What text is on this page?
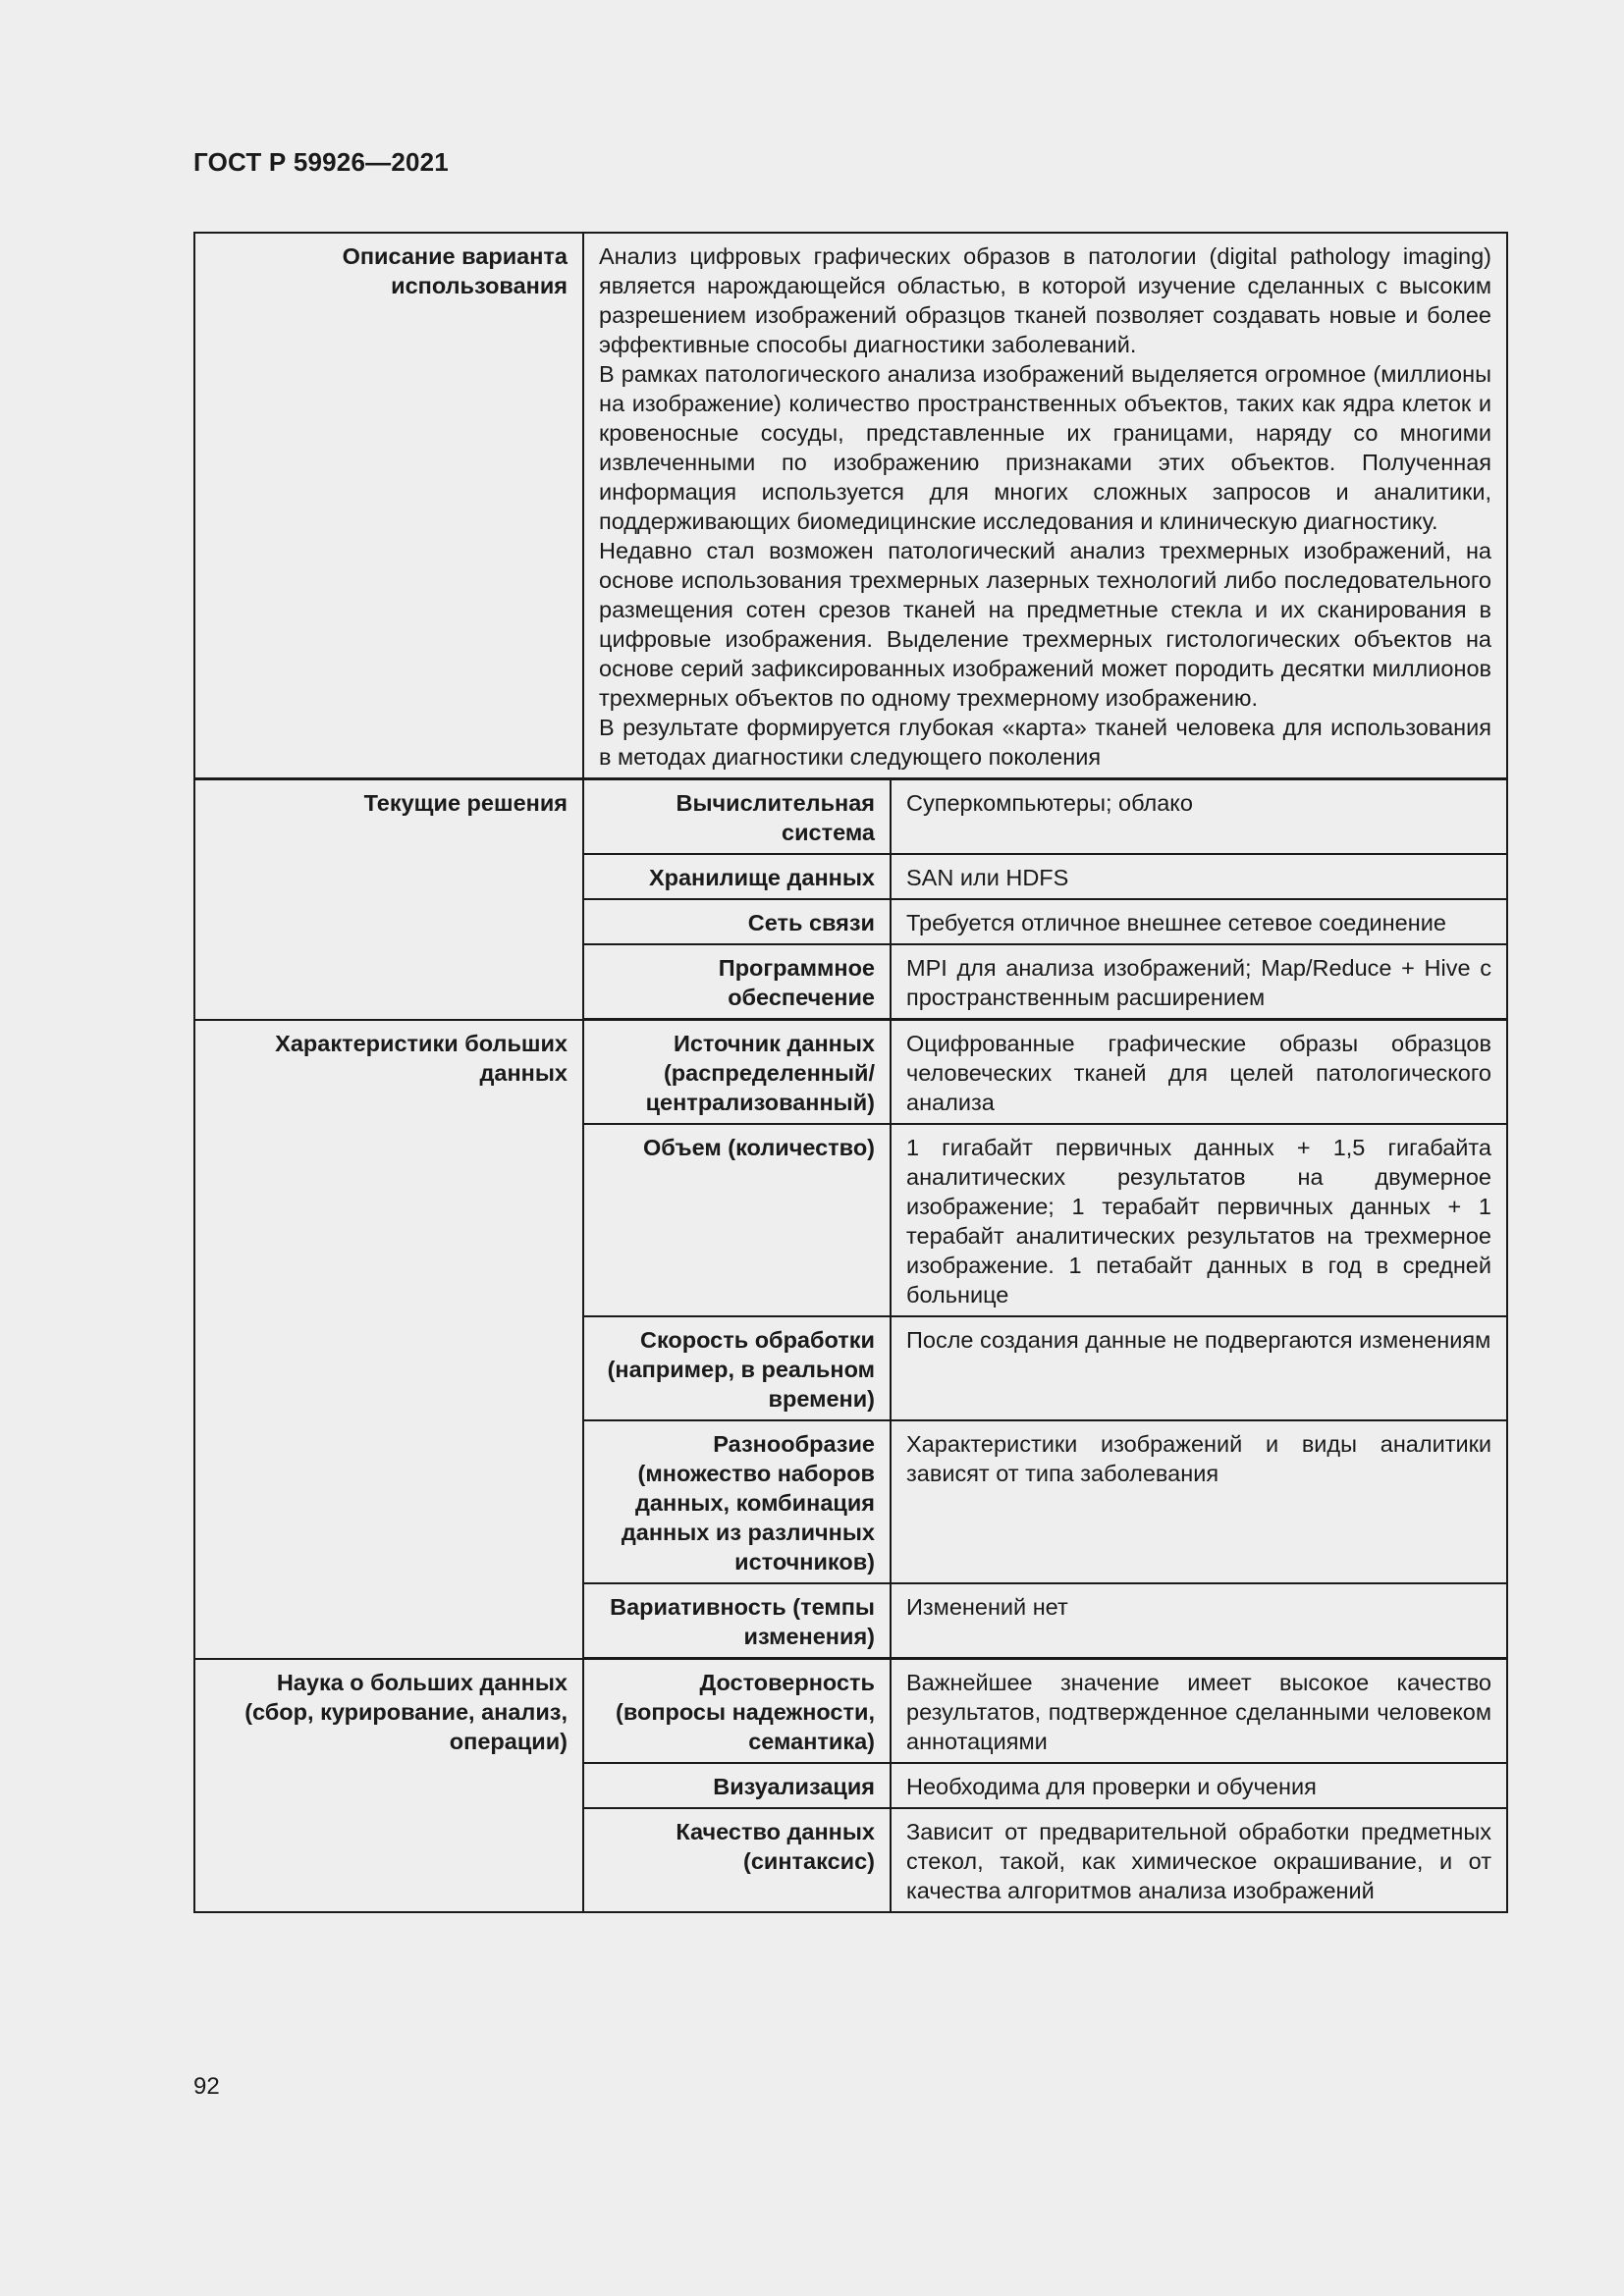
ГОСТ Р 59926—2021
Описание варианта использования	Анализ цифровых графических образов в патологии (digital pathology imaging) является нарождающейся областью, в которой изучение сделанных с высоким разрешением изображений образцов тканей позволяет создавать новые и более эффективные способы диагностики заболеваний.
В рамках патологического анализа изображений выделяется огромное (миллионы на изображение) количество пространственных объектов, таких как ядра клеток и кровеносные сосуды, представленные их границами, наряду со многими извлеченными по изображению признаками этих объектов. Полученная информация используется для многих сложных запросов и аналитики, поддерживающих биомедицинские исследования и клиническую диагностику.
Недавно стал возможен патологический анализ трехмерных изображений, на основе использования трехмерных лазерных технологий либо последовательного размещения сотен срезов тканей на предметные стекла и их сканирования в цифровые изображения. Выделение трехмерных гистологических объектов на основе серий зафиксированных изображений может породить десятки миллионов трехмерных объектов по одному трехмерному изображению.
В результате формируется глубокая «карта» тканей человека для использования в методах диагностики следующего поколения	

Текущие решения	Вычислительная система	Суперкомпьютеры; облако
	Хранилище данных	SAN или HDFS
	Сеть связи	Требуется отличное внешнее сетевое соединение
	Программное обеспечение	MPI для анализа изображений; Map/Reduce + Hive с пространственным расширением
Характеристики больших данных	Источник данных (распределенный/ централизованный)	Оцифрованные графические образы образцов человеческих тканей для целей патологического анализа
	Объем (количество)	1 гигабайт первичных данных + 1,5 гигабайта аналитических результатов на двумерное изображение; 1 терабайт первичных данных + 1 терабайт аналитических результатов на трехмерное изображение. 1 петабайт данных в год в средней больнице
	Скорость обработки (например, в реальном времени)	После создания данные не подвергаются изменениям
	Разнообразие (множество наборов данных, комбинация данных из различных источников)	Характеристики изображений и виды аналитики зависят от типа заболевания
	Вариативность (темпы изменения)	Изменений нет
Наука о больших данных (сбор, курирование, анализ, операции)	Достоверность (вопросы надежности, семантика)	Важнейшее значение имеет высокое качество результатов, подтвержденное сделанными человеком аннотациями
	Визуализация	Необходима для проверки и обучения
	Качество данных (синтаксис)	Зависит от предварительной обработки предметных стекол, такой, как химическое окрашивание, и от качества алгоритмов анализа изображений
92
